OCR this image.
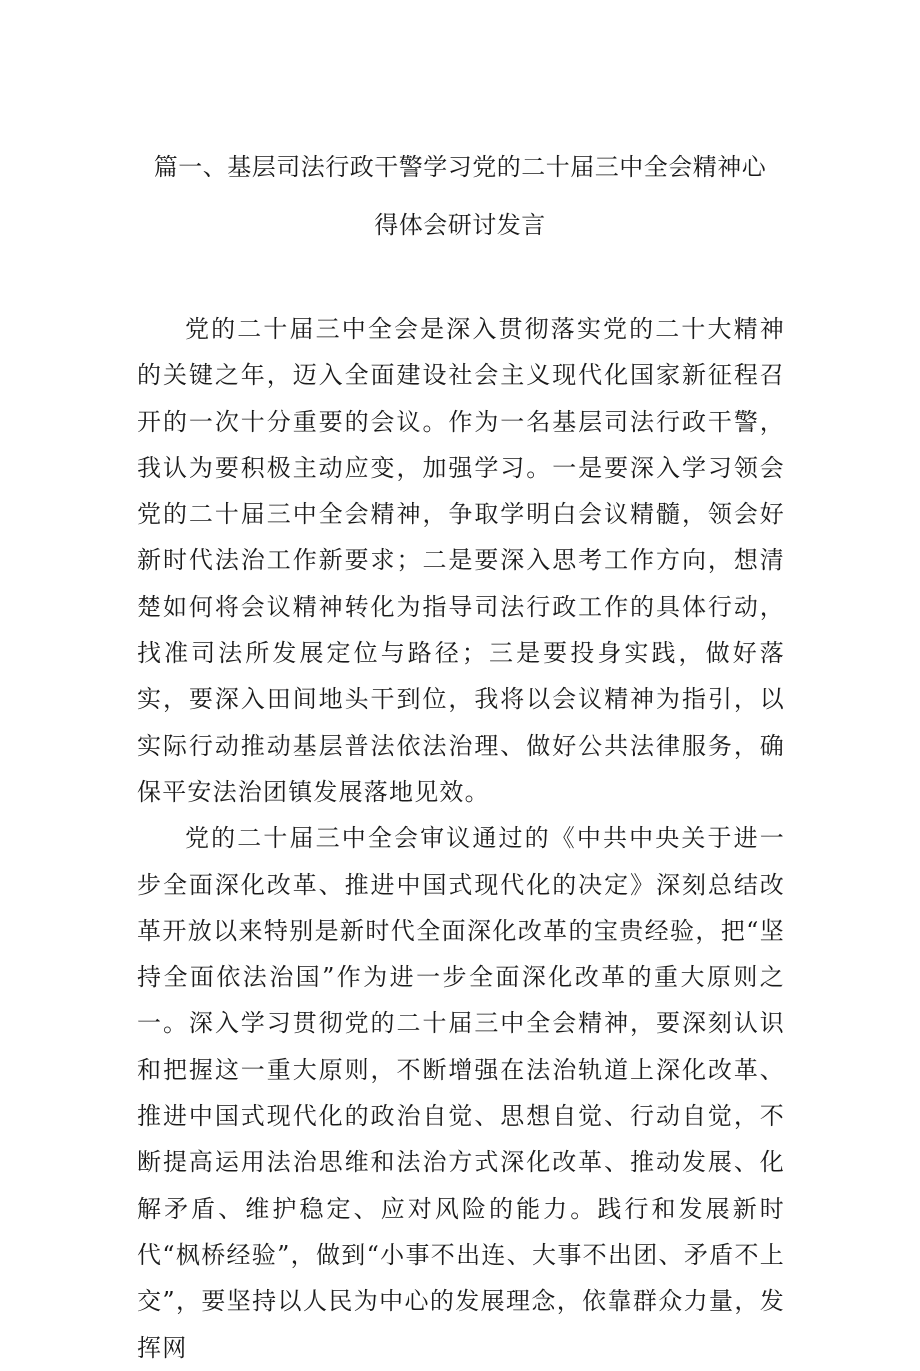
篇一、基层司法行政干警学习党的二十届三中全会精神心
得体会研讨发言

党的二十届三中全会是深入贯彻落实党的二十大精神的关键之年，迈入全面建设社会主义现代化国家新征程召开的一次十分重要的会议。作为一名基层司法行政干警，我认为要积极主动应变，加强学习。一是要深入学习领会党的二十届三中全会精神，争取学明白会议精髓，领会好新时代法治工作新要求；二是要深入思考工作方向，想清楚如何将会议精神转化为指导司法行政工作的具体行动，找准司法所发展定位与路径；三是要投身实践，做好落实，要深入田间地头干到位，我将以会议精神为指引，以实际行动推动基层普法依法治理、做好公共法律服务，确保平安法治团镇发展落地见效。

党的二十届三中全会审议通过的《中共中央关于进一步全面深化改革、推进中国式现代化的决定》深刻总结改革开放以来特别是新时代全面深化改革的宝贵经验，把“坚持全面依法治国”作为进一步全面深化改革的重大原则之一。深入学习贯彻党的二十届三中全会精神，要深刻认识和把握这一重大原则，不断增强在法治轨道上深化改革、推进中国式现代化的政治自觉、思想自觉、行动自觉，不断提高运用法治思维和法治方式深化改革、推动发展、化解矛盾、维护稳定、应对风险的能力。践行和发展新时代“枫桥经验”，做到“小事不出连、大事不出团、矛盾不上交”，要坚持以人民为中心的发展理念，依靠群众力量，发挥网
